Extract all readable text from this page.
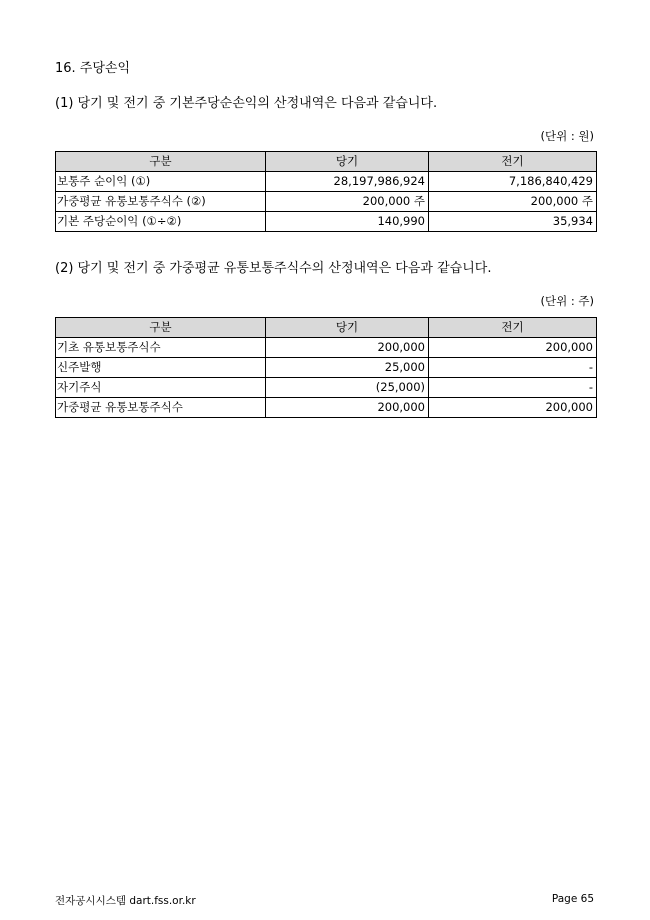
16. 주당손익
(1) 당기 및 전기 중 기본주당순손익의 산정내역은 다음과 같습니다.
(단위 : 원)
구분	당기	전기
보통주 순이익 (①)	28,197,986,924	7,186,840,429
가중평균 유통보통주식수 (②)	200,000 주	200,000 주
기본 주당순이익 (①÷②)	140,990	35,934
(2) 당기 및 전기 중 가중평균 유통보통주식수의 산정내역은 다음과 같습니다.
(단위 : 주)
구분	당기	전기
기초 유통보통주식수	200,000	200,000
신주발행	25,000	-
자기주식	(25,000)	-
가중평균 유통보통주식수	200,000	200,000
전자공시시스템 dart.fss.or.kr	Page 65
